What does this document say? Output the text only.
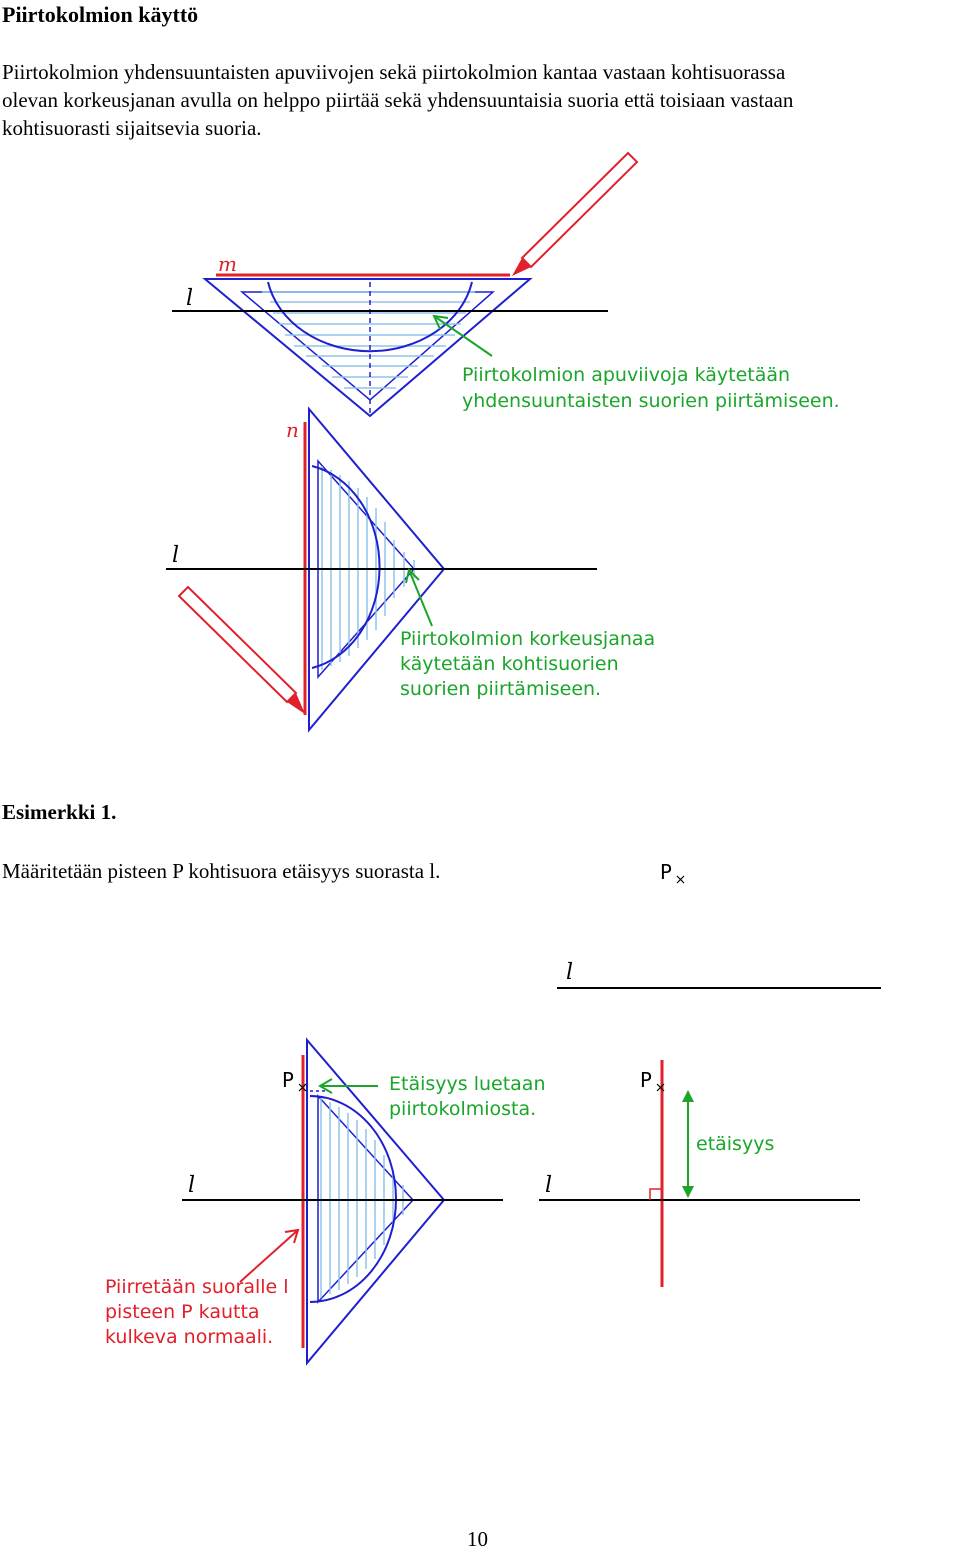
Piirtokolmion käyttö
Piirtokolmion yhdensuuntaisten apuviivojen sekä piirtokolmion kantaa vastaan kohtisuorassa
olevan korkeusjanan avulla on helppo piirtää sekä yhdensuuntaisia suoria että toisiaan vastaan
kohtisuorasti sijaitsevia suoria.
Esimerkki 1.
Määritetään pisteen P kohtisuora etäisyys suorasta l.
10
m
l
Piirtokolmion apuviivoja käytetään
yhdensuuntaisten suorien piirtämiseen.
n
l
Piirtokolmion korkeusjanaa
käytetään kohtisuorien
suorien piirtämiseen.
P
l
P
l
Etäisyys luetaan
piirtokolmiosta.
Piirretään suoralle l
pisteen P kautta
kulkeva normaali.
P
l
etäisyys
